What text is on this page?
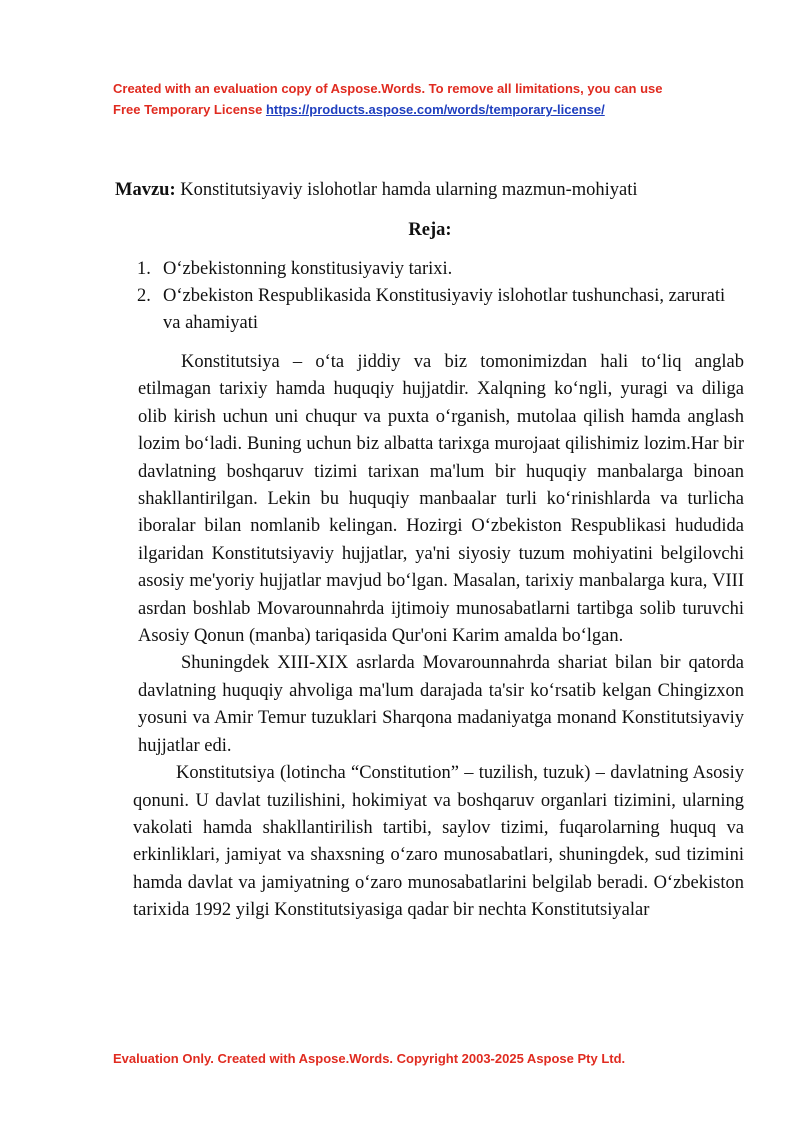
Created with an evaluation copy of Aspose.Words. To remove all limitations, you can use
Free Temporary License https://products.aspose.com/words/temporary-license/

Mavzu: Konstitutsiyaviy islohotlar hamda ularning mazmun-mohiyati

Reja:

1. O‘zbekistonning konstitusiyaviy tarixi.
2. O‘zbekiston Respublikasida Konstitusiyaviy islohotlar tushunchasi, zarurati va ahamiyati

Konstitutsiya – o‘ta jiddiy va biz tomonimizdan hali to‘liq anglab etilmagan tarixiy hamda huquqiy hujjatdir. Xalqning ko‘ngli, yuragi va diliga olib kirish uchun uni chuqur va puxta o‘rganish, mutolaa qilish hamda anglash lozim bo‘ladi. Buning uchun biz albatta tarixga murojaat qilishimiz lozim.Har bir davlatning boshqaruv tizimi tarixan ma'lum bir huquqiy manbalarga binoan shakllantirilgan. Lekin bu huquqiy manbaalar turli ko‘rinishlarda va turlicha iboralar bilan nomlanib kelingan. Hozirgi O‘zbekiston Respublikasi hududida ilgaridan Konstitutsiyaviy hujjatlar, ya'ni siyosiy tuzum mohiyatini belgilovchi asosiy me'yoriy hujjatlar mavjud bo‘lgan. Masalan, tarixiy manbalarga kura, VIII asrdan boshlab Movarounnahrda ijtimoiy munosabatlarni tartibga solib turuvchi Asosiy Qonun (manba) tariqasida Qur'oni Karim amalda bo‘lgan.

Shuningdek XIII-XIX asrlarda Movarounnahrda shariat bilan bir qatorda davlatning huquqiy ahvoliga ma'lum darajada ta'sir ko‘rsatib kelgan Chingizxon yosuni va Amir Temur tuzuklari Sharqona madaniyatga monand Konstitutsiyaviy hujjatlar edi.

Konstitutsiya (lotincha “Constitution” – tuzilish, tuzuk) – davlatning Asosiy qonuni. U davlat tuzilishini, hokimiyat va boshqaruv organlari tizimini, ularning vakolati hamda shakllantirilish tartibi, saylov tizimi, fuqarolarning huquq va erkinliklari, jamiyat va shaxsning o‘zaro munosabatlari, shuningdek, sud tizimini hamda davlat va jamiyatning o‘zaro munosabatlarini belgilab beradi. O‘zbekiston tarixida 1992 yilgi Konstitutsiyasiga qadar bir nechta Konstitutsiyalar

Evaluation Only. Created with Aspose.Words. Copyright 2003-2025 Aspose Pty Ltd.
